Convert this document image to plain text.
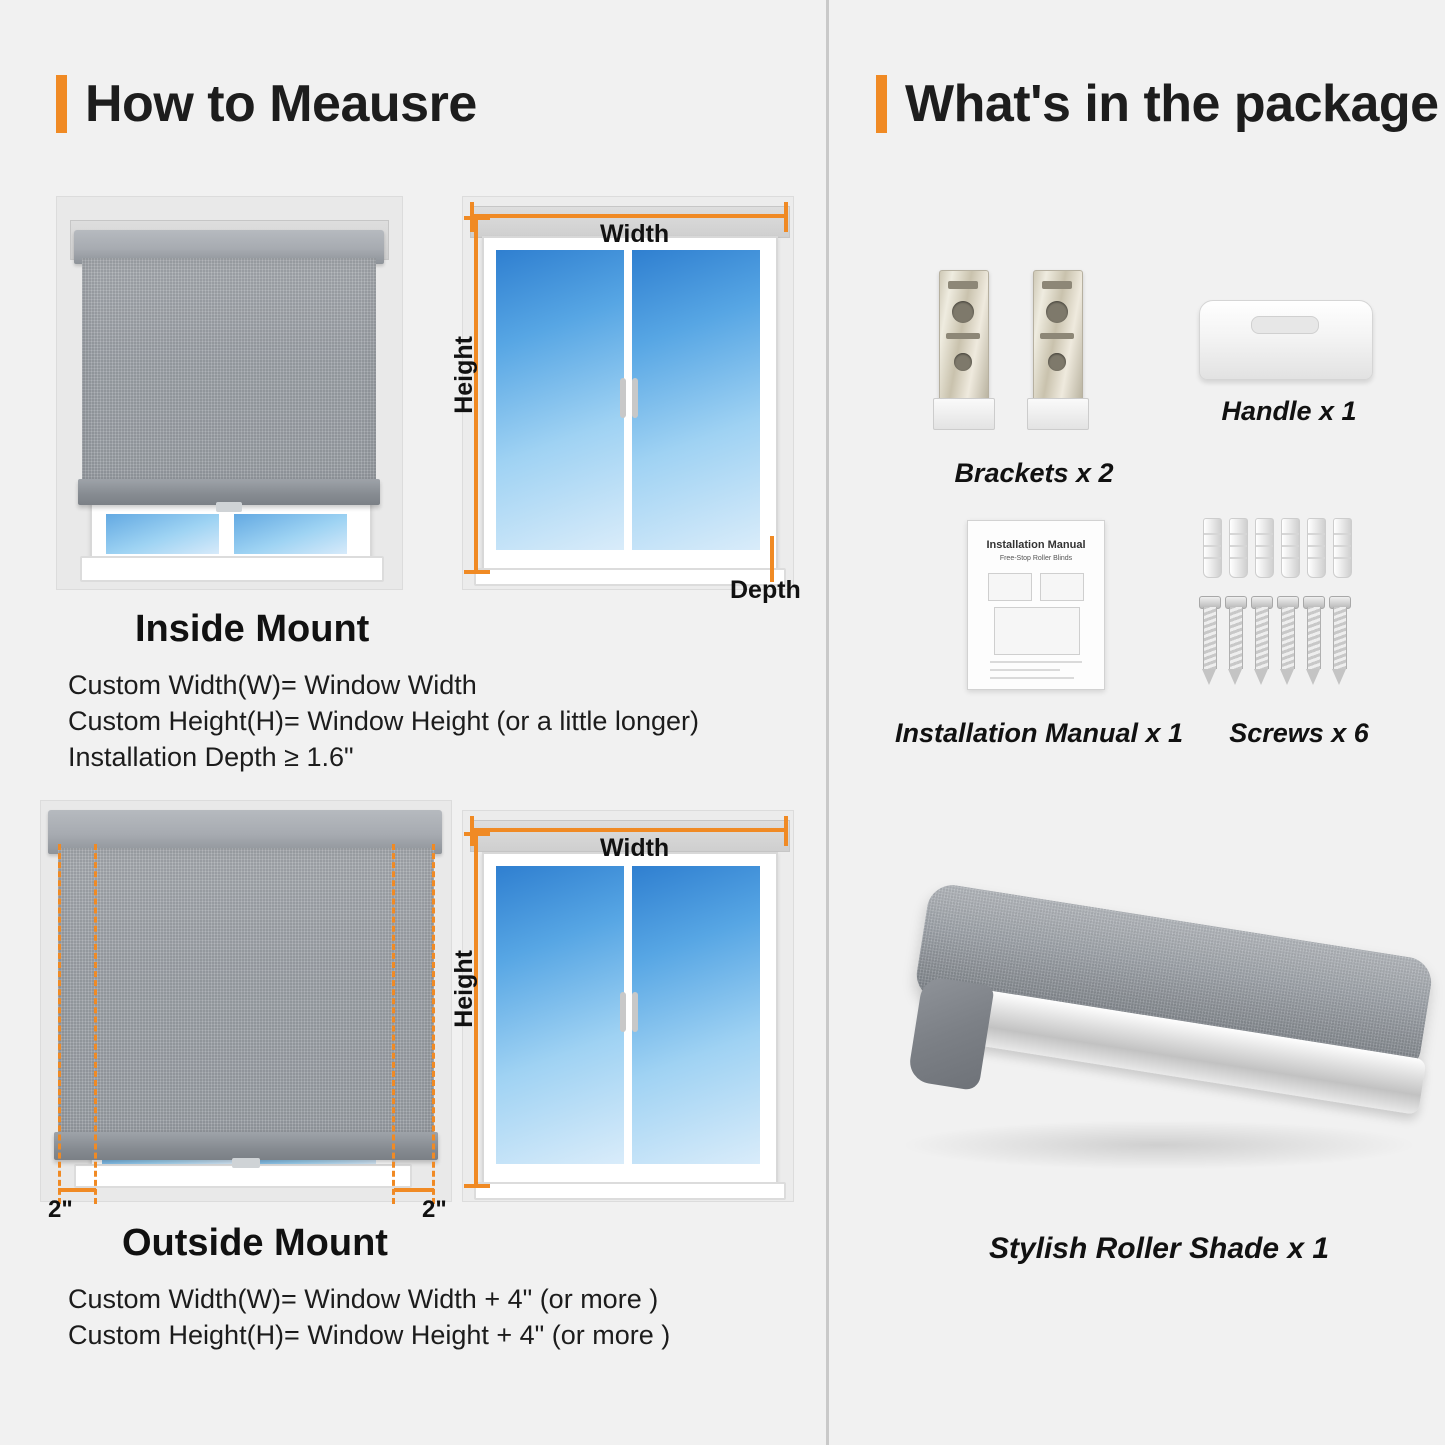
How to Meausre
Width
Height
Depth
Inside Mount
Custom Width(W)= Window Width
Custom Height(H)= Window Height (or a little longer)
Installation Depth ≥ 1.6"
2"	2"
Width
Height
Outside Mount
Custom Width(W)= Window Width + 4" (or more )
Custom Height(H)= Window Height + 4" (or more )
What's in the package
Brackets x 2
Handle x 1
Installation Manual
Free-Stop Roller Blinds
Installation Manual x 1	Screws x 6
Stylish Roller Shade x 1
